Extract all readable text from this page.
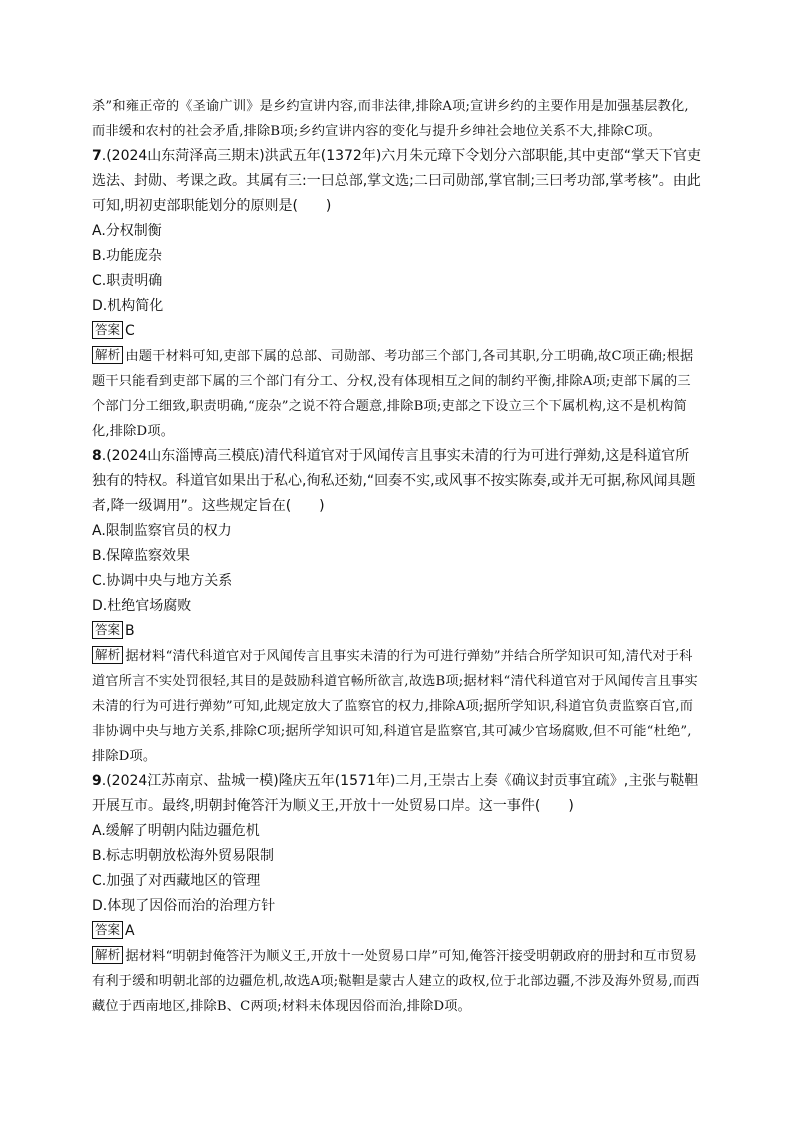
杀”和雍正帝的《圣谕广训》是乡约宣讲内容,而非法律,排除A项;宣讲乡约的主要作用是加强基层教化,而非缓和农村的社会矛盾,排除B项;乡约宣讲内容的变化与提升乡绅社会地位关系不大,排除C项。

7.(2024山东菏泽高三期末)洪武五年(1372年)六月朱元璋下令划分六部职能,其中吏部“掌天下官吏选法、封勋、考课之政。其属有三:一曰总部,掌文选;二曰司勋部,掌官制;三曰考功部,掌考核”。由此可知,明初吏部职能划分的原则是(　　)

A.分权制衡

B.功能庞杂

C.职责明确

D.机构简化

答案 C

解析 由题干材料可知,吏部下属的总部、司勋部、考功部三个部门,各司其职,分工明确,故C项正确;根据题干只能看到吏部下属的三个部门有分工、分权,没有体现相互之间的制约平衡,排除A项;吏部下属的三个部门分工细致,职责明确,“庞杂”之说不符合题意,排除B项;吏部之下设立三个下属机构,这不是机构简化,排除D项。

8.(2024山东淄博高三模底)清代科道官对于风闻传言且事实未清的行为可进行弹劾,这是科道官所独有的特权。科道官如果出于私心,徇私还劾,“回奏不实,或风事不按实陈奏,或并无可据,称风闻具题者,降一级调用”。这些规定旨在(　　)

A.限制监察官员的权力

B.保障监察效果

C.协调中央与地方关系

D.杜绝官场腐败

答案 B

解析 据材料“清代科道官对于风闻传言且事实未清的行为可进行弹劾”并结合所学知识可知,清代对于科道官所言不实处罚很轻,其目的是鼓励科道官畅所欲言,故选B项;据材料“清代科道官对于风闻传言且事实未清的行为可进行弹劾”可知,此规定放大了监察官的权力,排除A项;据所学知识,科道官负责监察百官,而非协调中央与地方关系,排除C项;据所学知识可知,科道官是监察官,其可减少官场腐败,但不可能“杜绝”,排除D项。

9.(2024江苏南京、盐城一模)隆庆五年(1571年)二月,王崇古上奏《确议封贡事宜疏》,主张与鞑靼开展互市。最终,明朝封俺答汗为顺义王,开放十一处贸易口岸。这一事件(　　)

A.缓解了明朝内陆边疆危机

B.标志明朝放松海外贸易限制

C.加强了对西藏地区的管理

D.体现了因俗而治的治理方针

答案 A

解析 据材料“明朝封俺答汗为顺义王,开放十一处贸易口岸”可知,俺答汗接受明朝政府的册封和互市贸易有利于缓和明朝北部的边疆危机,故选A项;鞑靼是蒙古人建立的政权,位于北部边疆,不涉及海外贸易,而西藏位于西南地区,排除B、C两项;材料未体现因俗而治,排除D项。
